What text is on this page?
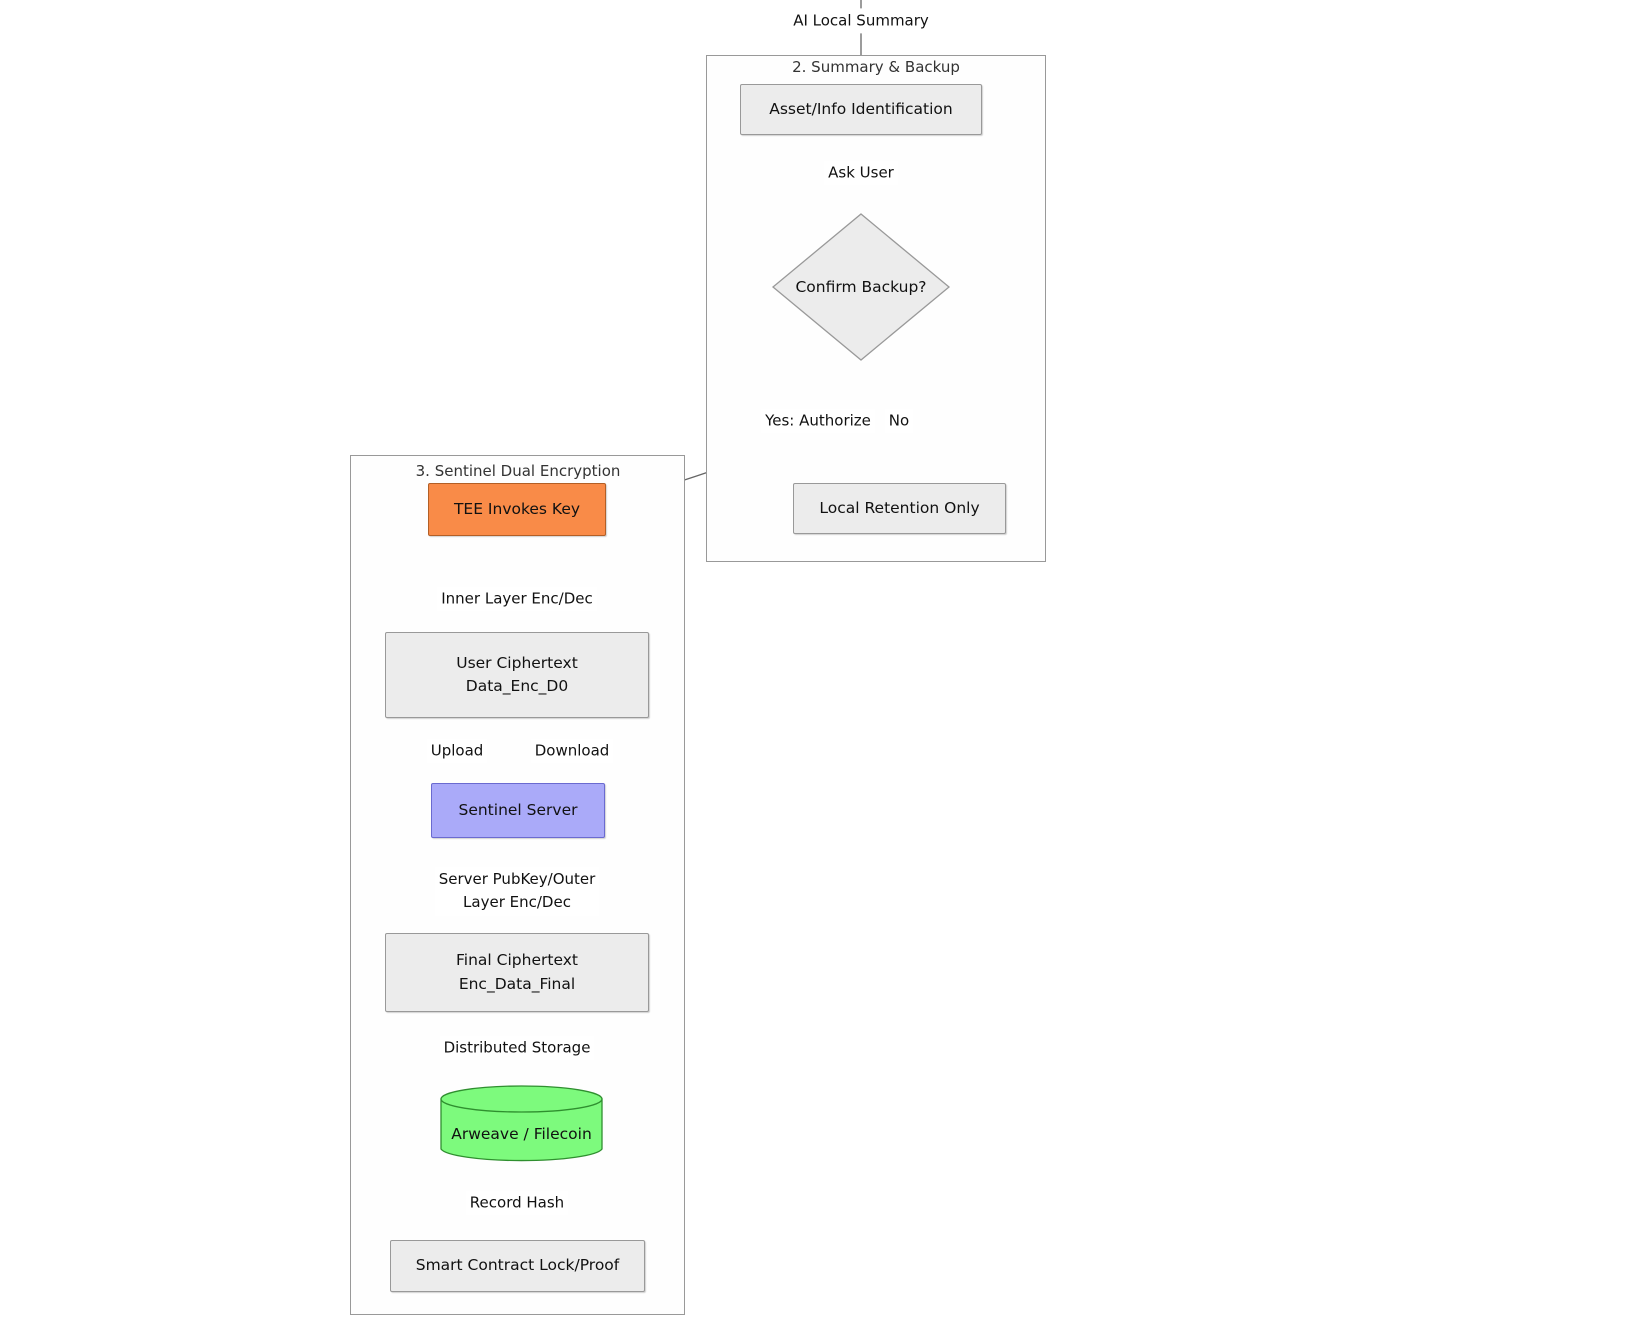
2. Summary & Backup
3. Sentinel Dual Encryption
AI Local Summary
Asset/Info Identification
Ask User
Confirm Backup?
Yes: Authorize No
Local Retention Only
TEE Invokes Key
Inner Layer Enc/Dec
User Ciphertext
Data_Enc_D0
Upload	Download
Sentinel Server
Server PubKey/Outer
Layer Enc/Dec
Final Ciphertext
Enc_Data_Final
Distributed Storage
Arweave / Filecoin
Record Hash
Smart Contract Lock/Proof
